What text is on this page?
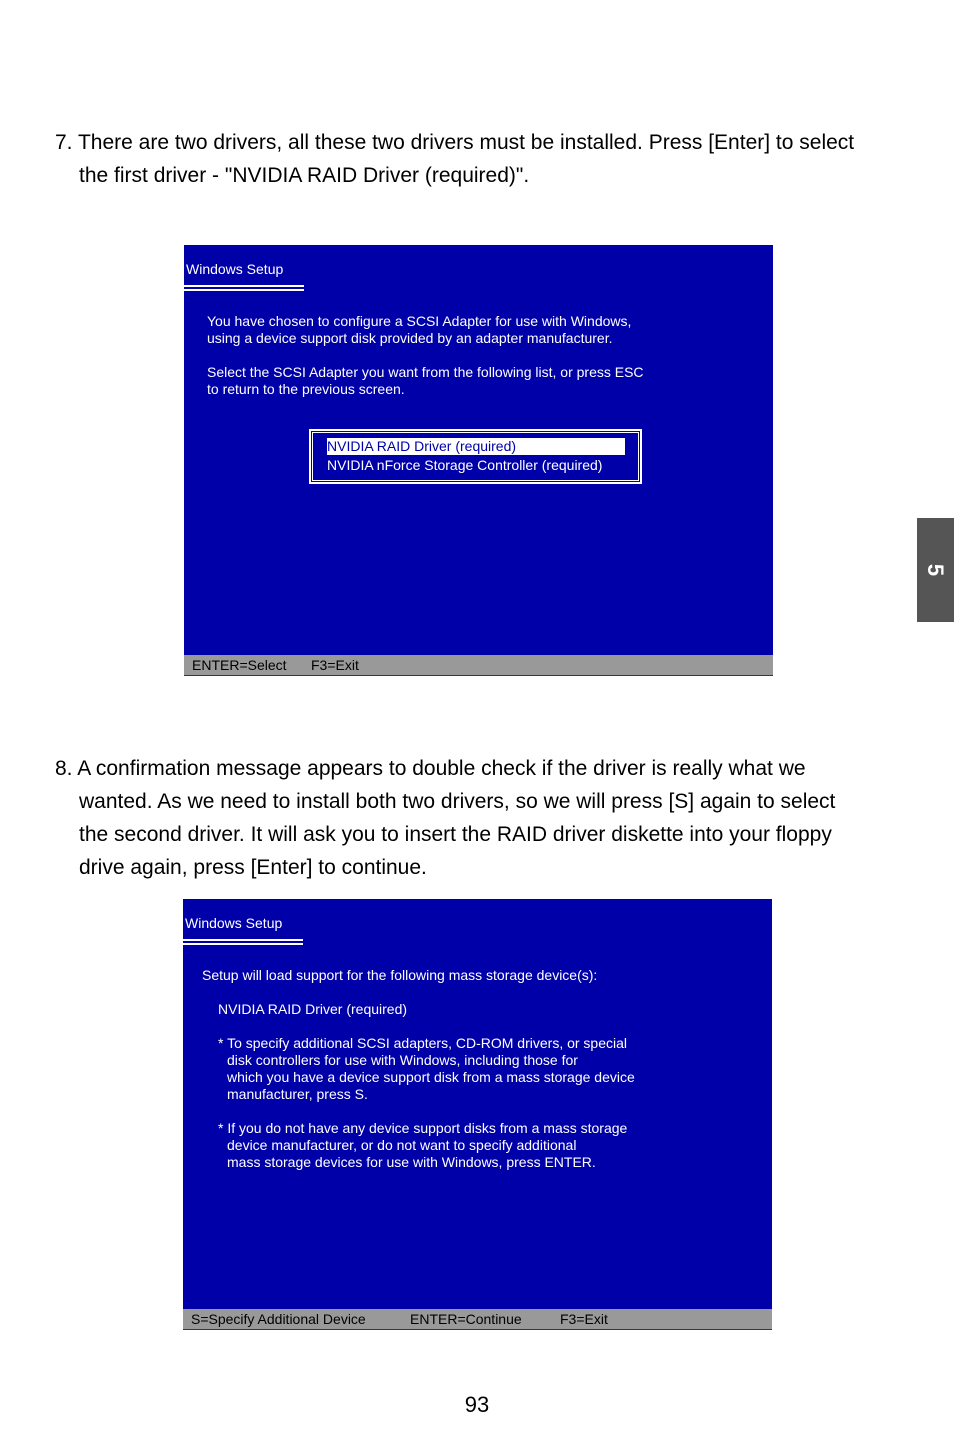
7. There are two drivers, all these two drivers must be installed. Press [Enter] to select
the first driver - "NVIDIA RAID Driver (required)".
Windows Setup
You have chosen to configure a SCSI Adapter for use with Windows,
using a device support disk provided by an adapter manufacturer.
Select the SCSI Adapter you want from the following list, or press ESC
to return to the previous screen.
NVIDIA RAID Driver (required)
NVIDIA nForce Storage Controller (required)
ENTER=Select F3=Exit
8. A confirmation message appears to double check if the driver is really what we
wanted. As we need to install both two drivers, so we will press [S] again to select
the second driver. It will ask you to insert the RAID driver diskette into your floppy
drive again, press [Enter] to continue.
Windows Setup
Setup will load support for the following mass storage device(s):
NVIDIA RAID Driver (required)
* To specify additional SCSI adapters, CD-ROM drivers, or special
disk controllers for use with Windows, including those for
which you have a device support disk from a mass storage device
manufacturer, press S.
* If you do not have any device support disks from a mass storage
device manufacturer, or do not want to specify additional
mass storage devices for use with Windows, press ENTER.
S=Specify Additional Device	ENTER=Continue	F3=Exit
5
93
